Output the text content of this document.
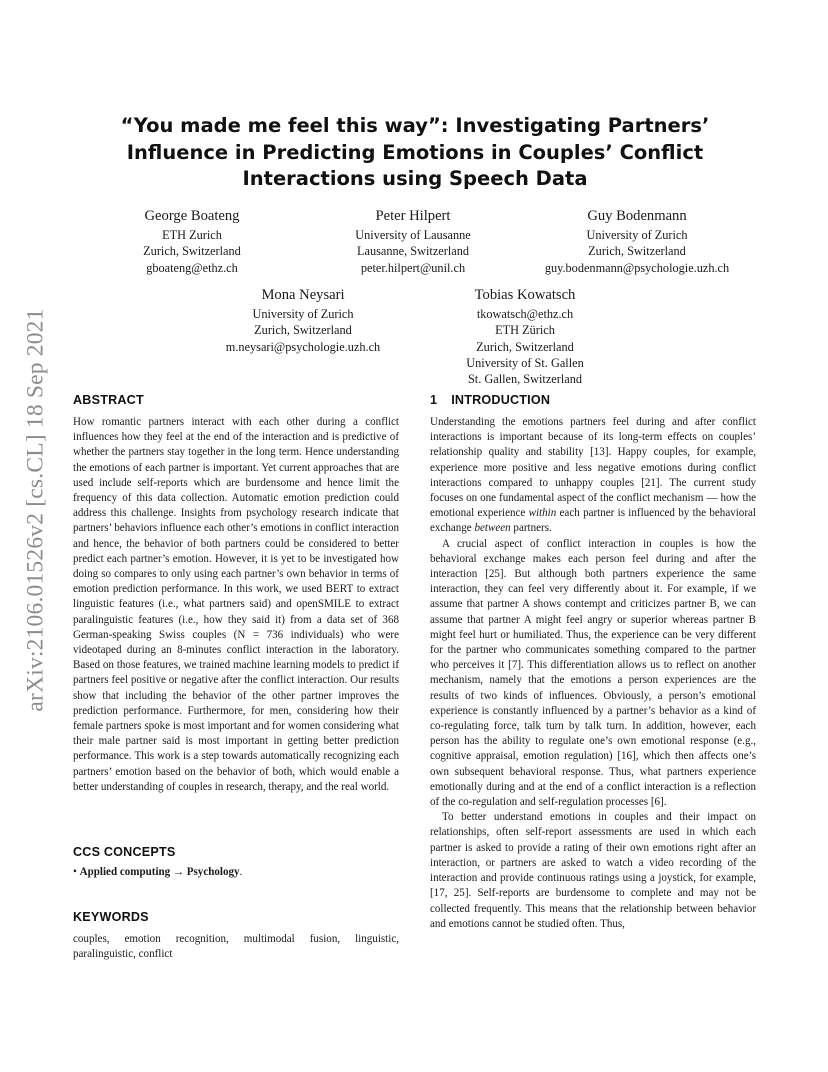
arXiv:2106.01526v2 [cs.CL] 18 Sep 2021
“You made me feel this way”: Investigating Partners’ Influence in Predicting Emotions in Couples’ Conflict Interactions using Speech Data
George Boateng
ETH Zurich
Zurich, Switzerland
gboateng@ethz.ch
Peter Hilpert
University of Lausanne
Lausanne, Switzerland
peter.hilpert@unil.ch
Guy Bodenmann
University of Zurich
Zurich, Switzerland
guy.bodenmann@psychologie.uzh.ch
Mona Neysari
University of Zurich
Zurich, Switzerland
m.neysari@psychologie.uzh.ch
Tobias Kowatsch
tkowatsch@ethz.ch
ETH Zürich
Zurich, Switzerland
University of St. Gallen
St. Gallen, Switzerland
ABSTRACT

How romantic partners interact with each other during a conflict influences how they feel at the end of the interaction and is predictive of whether the partners stay together in the long term. Hence understanding the emotions of each partner is important. Yet current approaches that are used include self-reports which are burdensome and hence limit the frequency of this data collection. Automatic emotion prediction could address this challenge. Insights from psychology research indicate that partners’ behaviors influence each other’s emotions in conflict interaction and hence, the behavior of both partners could be considered to better predict each partner’s emotion. However, it is yet to be investigated how doing so compares to only using each partner’s own behavior in terms of emotion prediction performance. In this work, we used BERT to extract linguistic features (i.e., what partners said) and openSMILE to extract paralinguistic features (i.e., how they said it) from a data set of 368 German-speaking Swiss couples (N = 736 individuals) who were videotaped during an 8-minutes conflict interaction in the laboratory. Based on those features, we trained machine learning models to predict if partners feel positive or negative after the conflict interaction. Our results show that including the behavior of the other partner improves the prediction performance. Furthermore, for men, considering how their female partners spoke is most important and for women considering what their male partner said is most important in getting better prediction performance. This work is a step towards automatically recognizing each partners’ emotion based on the behavior of both, which would enable a better understanding of couples in research, therapy, and the real world.

CCS CONCEPTS
• Applied computing → Psychology.
KEYWORDS

couples, emotion recognition, multimodal fusion, linguistic, paralinguistic, conflict

1 INTRODUCTION

Understanding the emotions partners feel during and after conflict interactions is important because of its long-term effects on couples’ relationship quality and stability [13]. Happy couples, for example, experience more positive and less negative emotions during conflict interactions compared to unhappy couples [21]. The current study focuses on one fundamental aspect of the conflict mechanism — how the emotional experience within each partner is influenced by the behavioral exchange between partners.

A crucial aspect of conflict interaction in couples is how the behavioral exchange makes each person feel during and after the interaction [25]. But although both partners experience the same interaction, they can feel very differently about it. For example, if we assume that partner A shows contempt and criticizes partner B, we can assume that partner A might feel angry or superior whereas partner B might feel hurt or humiliated. Thus, the experience can be very different for the partner who communicates something compared to the partner who perceives it [7]. This differentiation allows us to reflect on another mechanism, namely that the emotions a person experiences are the results of two kinds of influences. Obviously, a person’s emotional experience is constantly influenced by a partner’s behavior as a kind of co-regulating force, talk turn by talk turn. In addition, however, each person has the ability to regulate one’s own emotional response (e.g., cognitive appraisal, emotion regulation) [16], which then affects one’s own subsequent behavioral response. Thus, what partners experience emotionally during and at the end of a conflict interaction is a reflection of the co-regulation and self-regulation processes [6].

To better understand emotions in couples and their impact on relationships, often self-report assessments are used in which each partner is asked to provide a rating of their own emotions right after an interaction, or partners are asked to watch a video recording of the interaction and provide continuous ratings using a joystick, for example, [17, 25]. Self-reports are burdensome to complete and may not be collected frequently. This means that the relationship between behavior and emotions cannot be studied often. Thus,
